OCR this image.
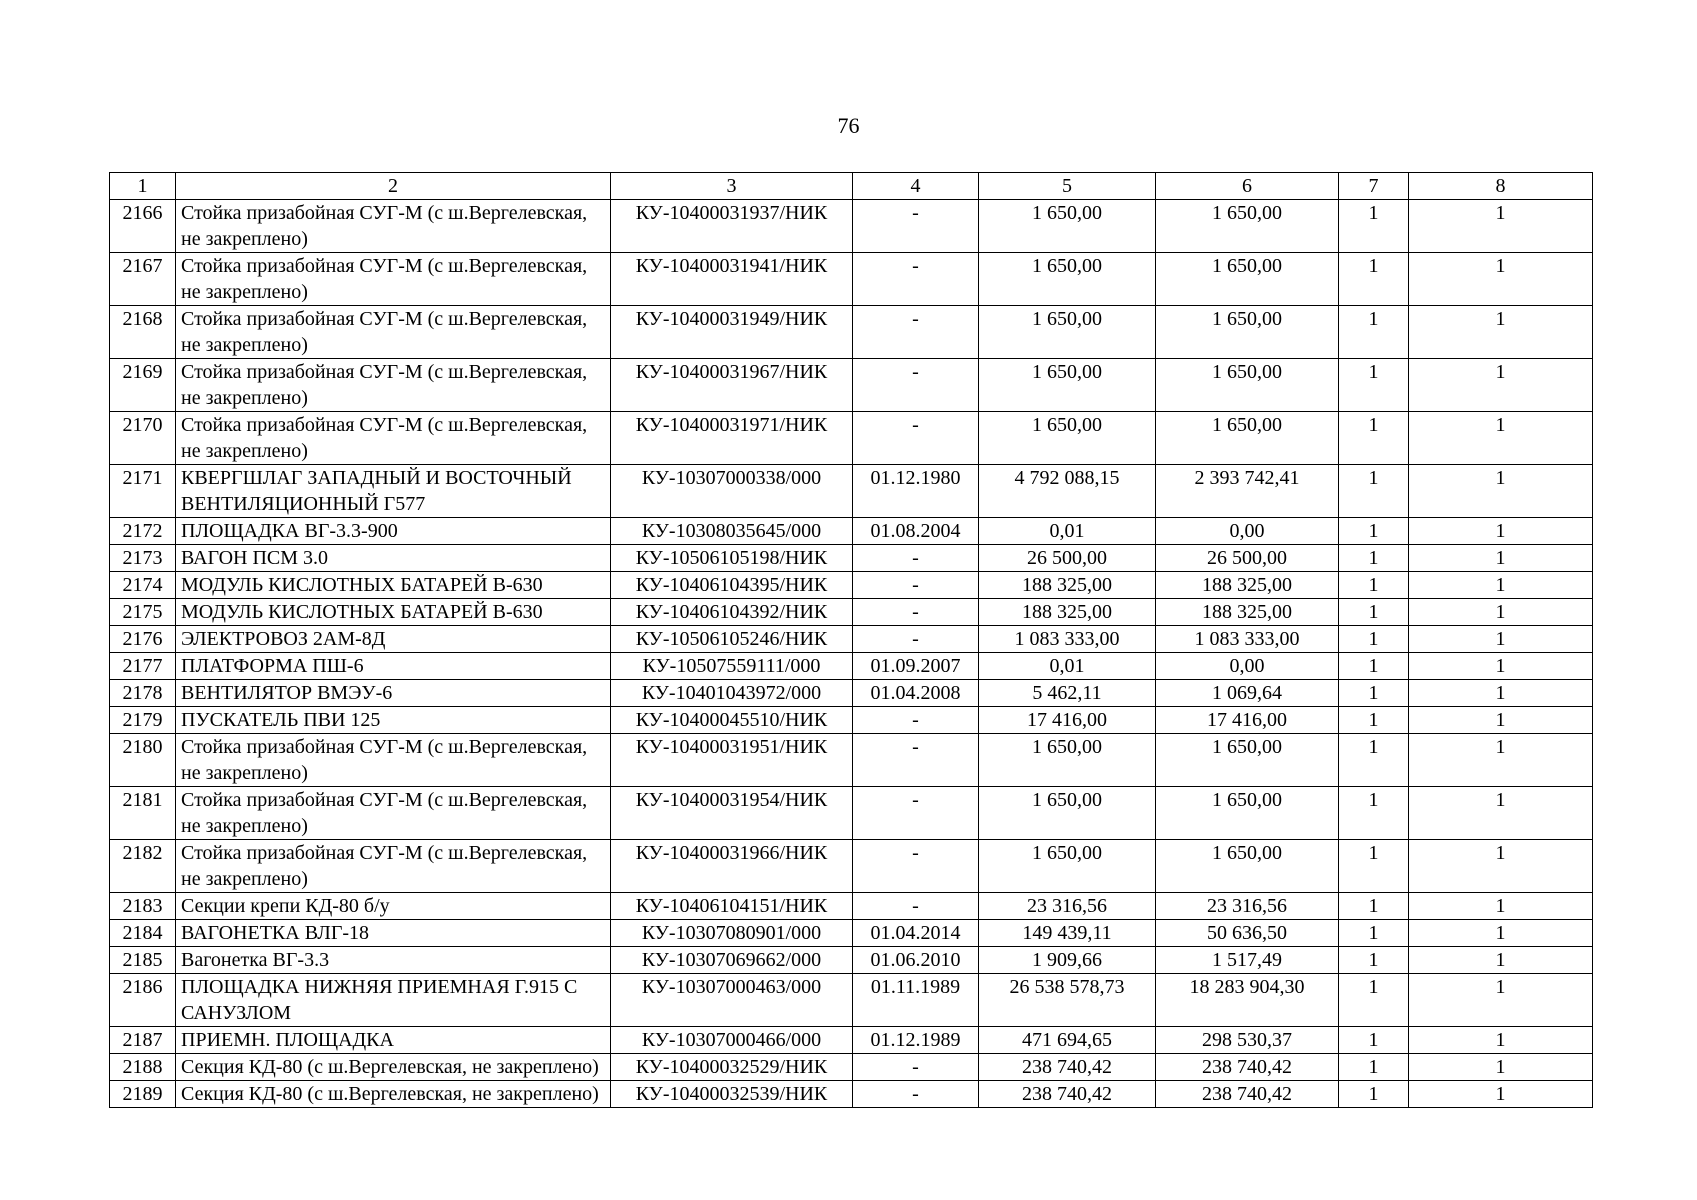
76
1	2	3	4	5	6	7	8
2166	Стойка призабойная СУГ-М (с ш.Вергелевская, не закреплено)	КУ-10400031937/НИК	-	1 650,00	1 650,00	1	1
2167	Стойка призабойная СУГ-М (с ш.Вергелевская, не закреплено)	КУ-10400031941/НИК	-	1 650,00	1 650,00	1	1
2168	Стойка призабойная СУГ-М (с ш.Вергелевская, не закреплено)	КУ-10400031949/НИК	-	1 650,00	1 650,00	1	1
2169	Стойка призабойная СУГ-М (с ш.Вергелевская, не закреплено)	КУ-10400031967/НИК	-	1 650,00	1 650,00	1	1
2170	Стойка призабойная СУГ-М (с ш.Вергелевская, не закреплено)	КУ-10400031971/НИК	-	1 650,00	1 650,00	1	1
2171	КВЕРГШЛАГ ЗАПАДНЫЙ И ВОСТОЧНЫЙ ВЕНТИЛЯЦИОННЫЙ Г577	КУ-10307000338/000	01.12.1980	4 792 088,15	2 393 742,41	1	1
2172	ПЛОЩАДКА ВГ-3.3-900	КУ-10308035645/000	01.08.2004	0,01	0,00	1	1
2173	ВАГОН ПСМ 3.0	КУ-10506105198/НИК	-	26 500,00	26 500,00	1	1
2174	МОДУЛЬ КИСЛОТНЫХ БАТАРЕЙ В-630	КУ-10406104395/НИК	-	188 325,00	188 325,00	1	1
2175	МОДУЛЬ КИСЛОТНЫХ БАТАРЕЙ В-630	КУ-10406104392/НИК	-	188 325,00	188 325,00	1	1
2176	ЭЛЕКТРОВОЗ 2АМ-8Д	КУ-10506105246/НИК	-	1 083 333,00	1 083 333,00	1	1
2177	ПЛАТФОРМА ПШ-6	КУ-10507559111/000	01.09.2007	0,01	0,00	1	1
2178	ВЕНТИЛЯТОР ВМЭУ-6	КУ-10401043972/000	01.04.2008	5 462,11	1 069,64	1	1
2179	ПУСКАТЕЛЬ ПВИ 125	КУ-10400045510/НИК	-	17 416,00	17 416,00	1	1
2180	Стойка призабойная СУГ-М (с ш.Вергелевская, не закреплено)	КУ-10400031951/НИК	-	1 650,00	1 650,00	1	1
2181	Стойка призабойная СУГ-М (с ш.Вергелевская, не закреплено)	КУ-10400031954/НИК	-	1 650,00	1 650,00	1	1
2182	Стойка призабойная СУГ-М (с ш.Вергелевская, не закреплено)	КУ-10400031966/НИК	-	1 650,00	1 650,00	1	1
2183	Секции крепи КД-80 б/у	КУ-10406104151/НИК	-	23 316,56	23 316,56	1	1
2184	ВАГОНЕТКА ВЛГ-18	КУ-10307080901/000	01.04.2014	149 439,11	50 636,50	1	1
2185	Вагонетка ВГ-3.3	КУ-10307069662/000	01.06.2010	1 909,66	1 517,49	1	1
2186	ПЛОЩАДКА НИЖНЯЯ ПРИЕМНАЯ Г.915 С САНУЗЛОМ	КУ-10307000463/000	01.11.1989	26 538 578,73	18 283 904,30	1	1
2187	ПРИЕМН. ПЛОЩАДКА	КУ-10307000466/000	01.12.1989	471 694,65	298 530,37	1	1
2188	Секция КД-80 (с ш.Вергелевская, не закреплено)	КУ-10400032529/НИК	-	238 740,42	238 740,42	1	1
2189	Секция КД-80 (с ш.Вергелевская, не закреплено)	КУ-10400032539/НИК	-	238 740,42	238 740,42	1	1
